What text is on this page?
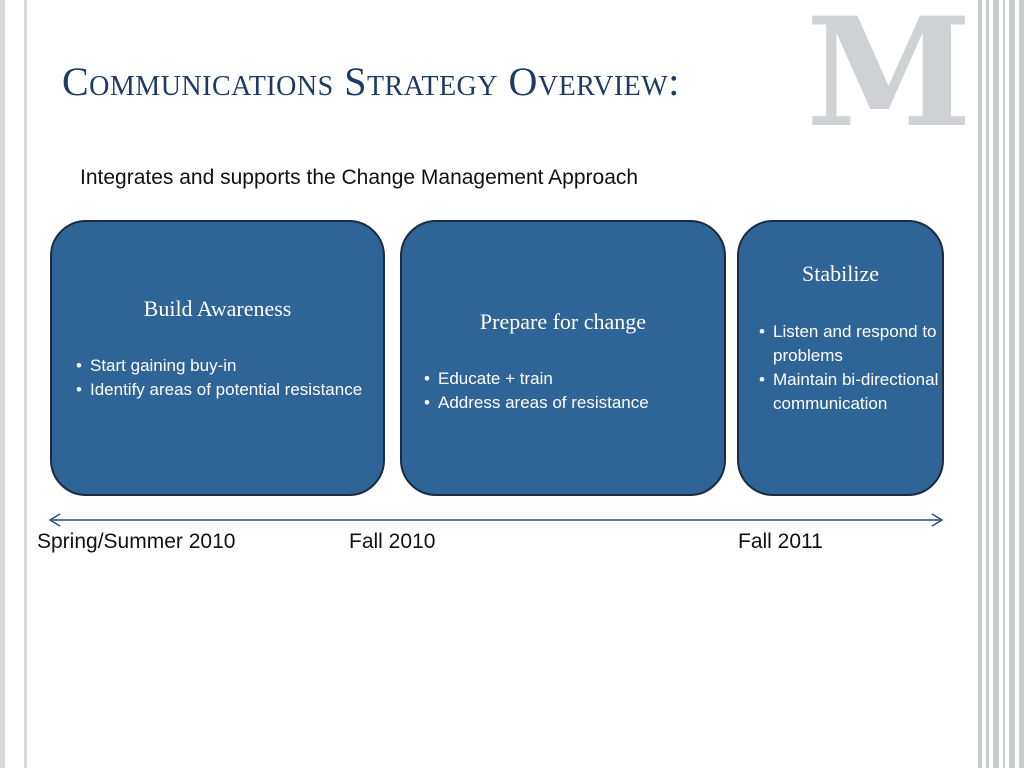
M
Communications Strategy Overview:
Integrates and supports the Change Management Approach
Build Awareness
• Start gaining buy-in
• Identify areas of potential resistance
Prepare for change
• Educate + train
• Address areas of resistance
Stabilize
• Listen and respond to problems
• Maintain bi-directional communication
Spring/Summer 2010	Fall 2010	Fall 2011
